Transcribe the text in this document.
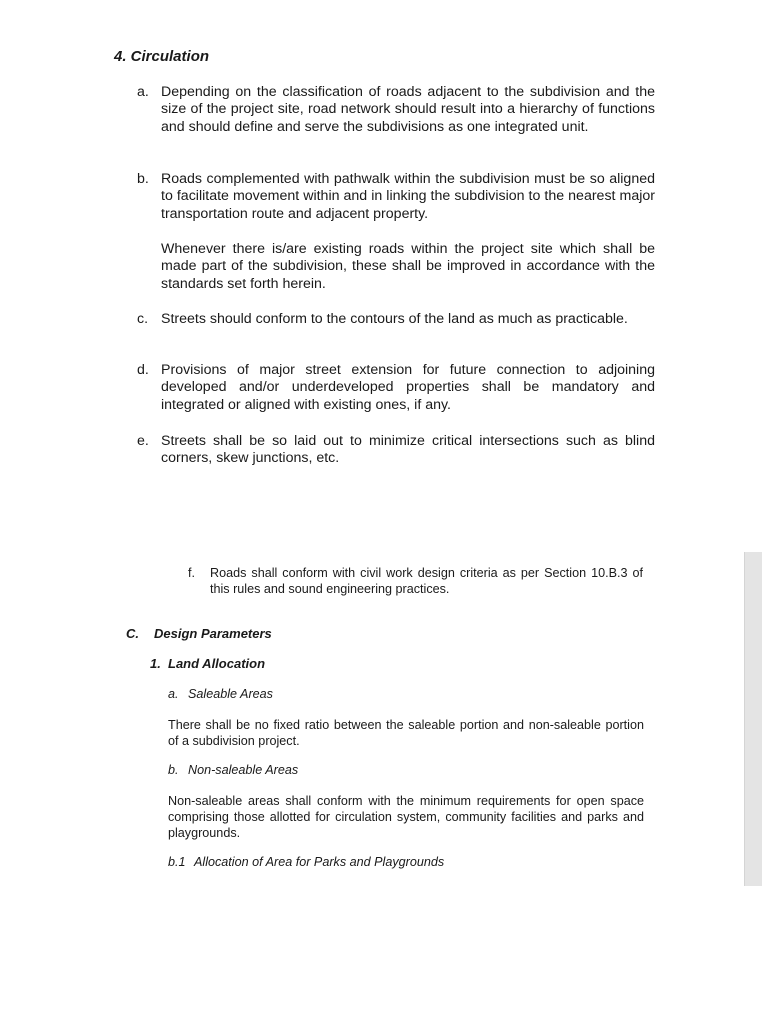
4. Circulation
a. Depending on the classification of roads adjacent to the subdivision and the size of the project site, road network should result into a hierarchy of functions and should define and serve the subdivisions as one integrated unit.
b. Roads complemented with pathwalk within the subdivision must be so aligned to facilitate movement within and in linking the subdivision to the nearest major transportation route and adjacent property.
Whenever there is/are existing roads within the project site which shall be made part of the subdivision, these shall be improved in accordance with the standards set forth herein.
c. Streets should conform to the contours of the land as much as practicable.
d. Provisions of major street extension for future connection to adjoining developed and/or underdeveloped properties shall be mandatory and integrated or aligned with existing ones, if any.
e. Streets shall be so laid out to minimize critical intersections such as blind corners, skew junctions, etc.
f. Roads shall conform with civil work design criteria as per Section 10.B.3 of this rules and sound engineering practices.
C. Design Parameters
1. Land Allocation
a. Saleable Areas
There shall be no fixed ratio between the saleable portion and non-saleable portion of a subdivision project.
b. Non-saleable Areas
Non-saleable areas shall conform with the minimum requirements for open space comprising those allotted for circulation system, community facilities and parks and playgrounds.
b.1 Allocation of Area for Parks and Playgrounds
